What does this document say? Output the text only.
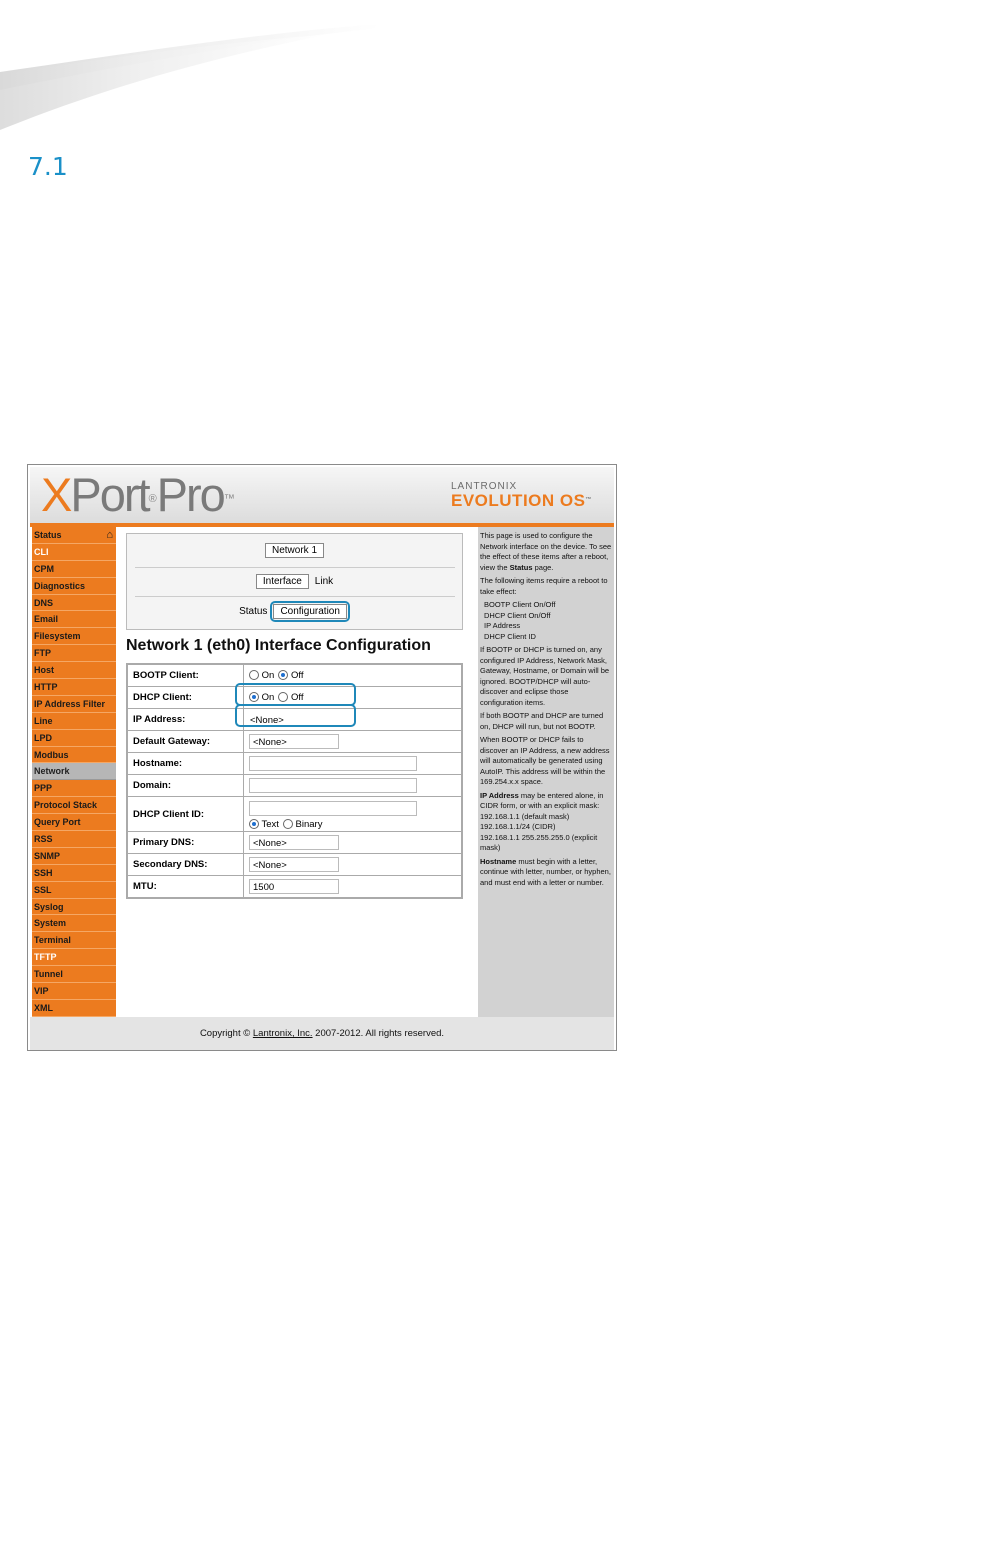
7.1
XPort®Pro™
LANTRONIX
EVOLUTION OS™
Status	⌂
CLI
CPM
Diagnostics
DNS
Email
Filesystem
FTP
Host
HTTP
IP Address Filter
Line
LPD
Modbus
Network
PPP
Protocol Stack
Query Port
RSS
SNMP
SSH
SSL
Syslog
System
Terminal
TFTP
Tunnel
VIP
XML
Network 1
Interface Link
Status Configuration
Network 1 (eth0) Interface Configuration
BOOTP Client:	On Off
DHCP Client:	On Off
IP Address:	<None>
Default Gateway:	<None>
Hostname:	
Domain:	
DHCP Client ID:	Text Binary

Primary DNS:	<None>
Secondary DNS:	<None>
MTU:	1500

This page is used to configure the Network interface on the device. To see the effect of these items after a reboot, view the Status page.

The following items require a reboot to take effect:

BOOTP Client On/Off
DHCP Client On/Off
IP Address
DHCP Client ID

If BOOTP or DHCP is turned on, any configured IP Address, Network Mask, Gateway, Hostname, or Domain will be ignored. BOOTP/DHCP will auto-discover and eclipse those configuration items.

If both BOOTP and DHCP are turned on, DHCP will run, but not BOOTP.

When BOOTP or DHCP fails to discover an IP Address, a new address will automatically be generated using AutoIP. This address will be within the 169.254.x.x space.

IP Address may be entered alone, in CIDR form, or with an explicit mask:
192.168.1.1 (default mask)
192.168.1.1/24 (CIDR)
192.168.1.1 255.255.255.0 (explicit mask)

Hostname must begin with a letter, continue with letter, number, or hyphen, and must end with a letter or number.

Copyright © Lantronix, Inc. 2007-2012. All rights reserved.
